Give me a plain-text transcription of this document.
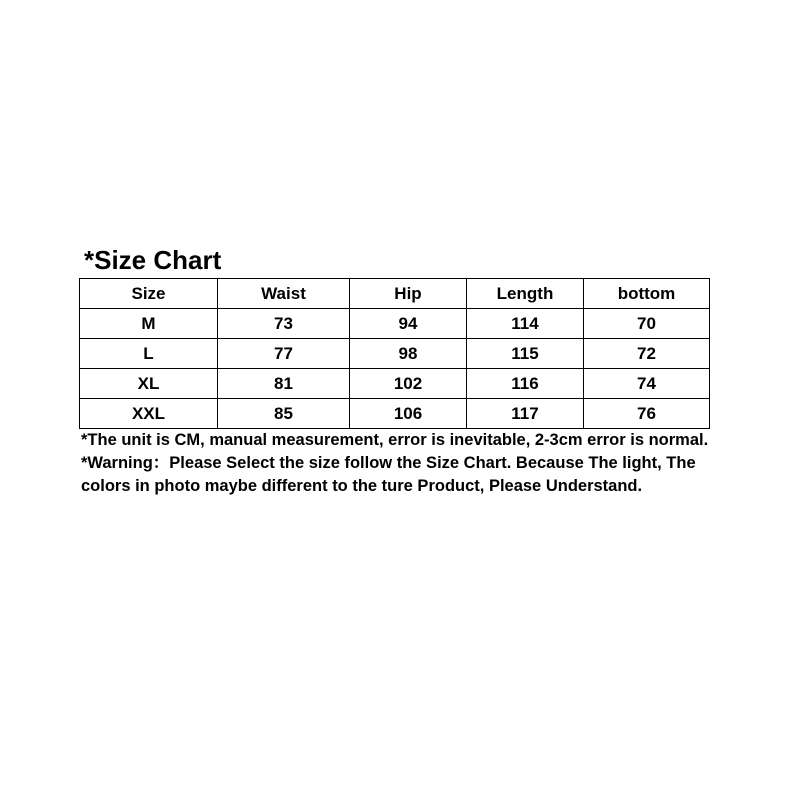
*Size Chart
Size	Waist	Hip	Length	bottom
M	73	94	114	70
L	77	98	115	72
XL	81	102	116	74
XXL	85	106	117	76

*The unit is CM, manual measurement, error is inevitable, 2-3cm error is normal.

*Warning：Please Select the size follow the Size Chart. Because The light, The colors in photo maybe different to the ture Product, Please Understand.
